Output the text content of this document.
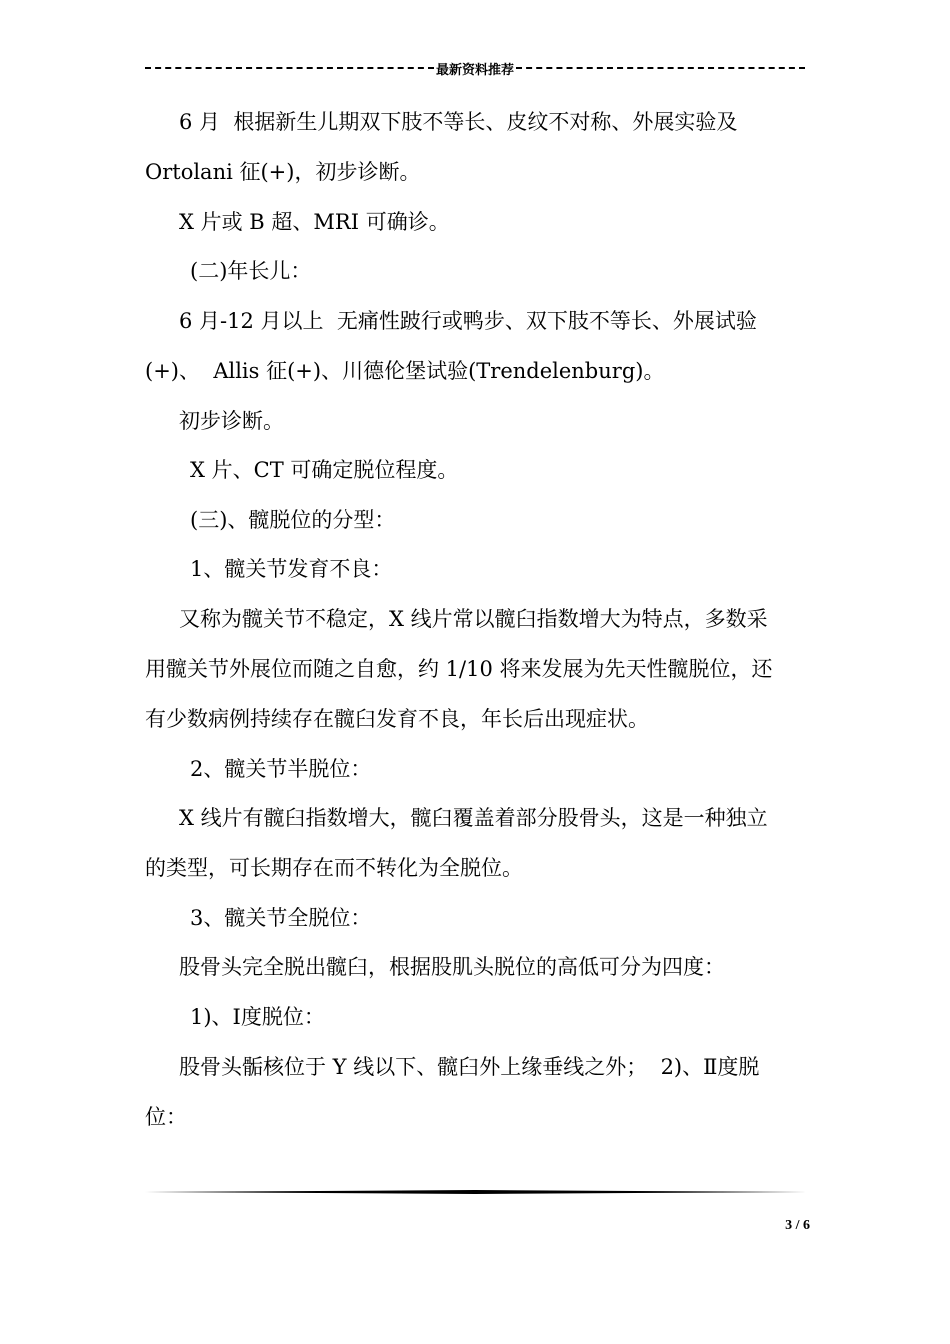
最新资料推荐
6 月  根据新生儿期双下肢不等长、皮纹不对称、外展实验及
Ortolani 征(+)，初步诊断。
X 片或 B 超、MRI 可确诊。
(二)年长儿：
6 月-12 月以上  无痛性跛行或鸭步、双下肢不等长、外展试验
(+)、  Allis 征(+)、川德伦堡试验(Trendelenburg)。
初步诊断。
X 片、CT 可确定脱位程度。
(三)、髋脱位的分型：
1、髋关节发育不良：
又称为髋关节不稳定，X 线片常以髋臼指数增大为特点，多数采
用髋关节外展位而随之自愈，约 1/10 将来发展为先天性髋脱位，还
有少数病例持续存在髋臼发育不良，年长后出现症状。
2、髋关节半脱位：
X 线片有髋臼指数增大，髋臼覆盖着部分股骨头，这是一种独立
的类型，可长期存在而不转化为全脱位。
3、髋关节全脱位：
股骨头完全脱出髋臼，根据股肌头脱位的高低可分为四度：
1)、Ⅰ度脱位：
股骨头骺核位于 Y 线以下、髋臼外上缘垂线之外；  2)、Ⅱ度脱
位：
3 / 6
